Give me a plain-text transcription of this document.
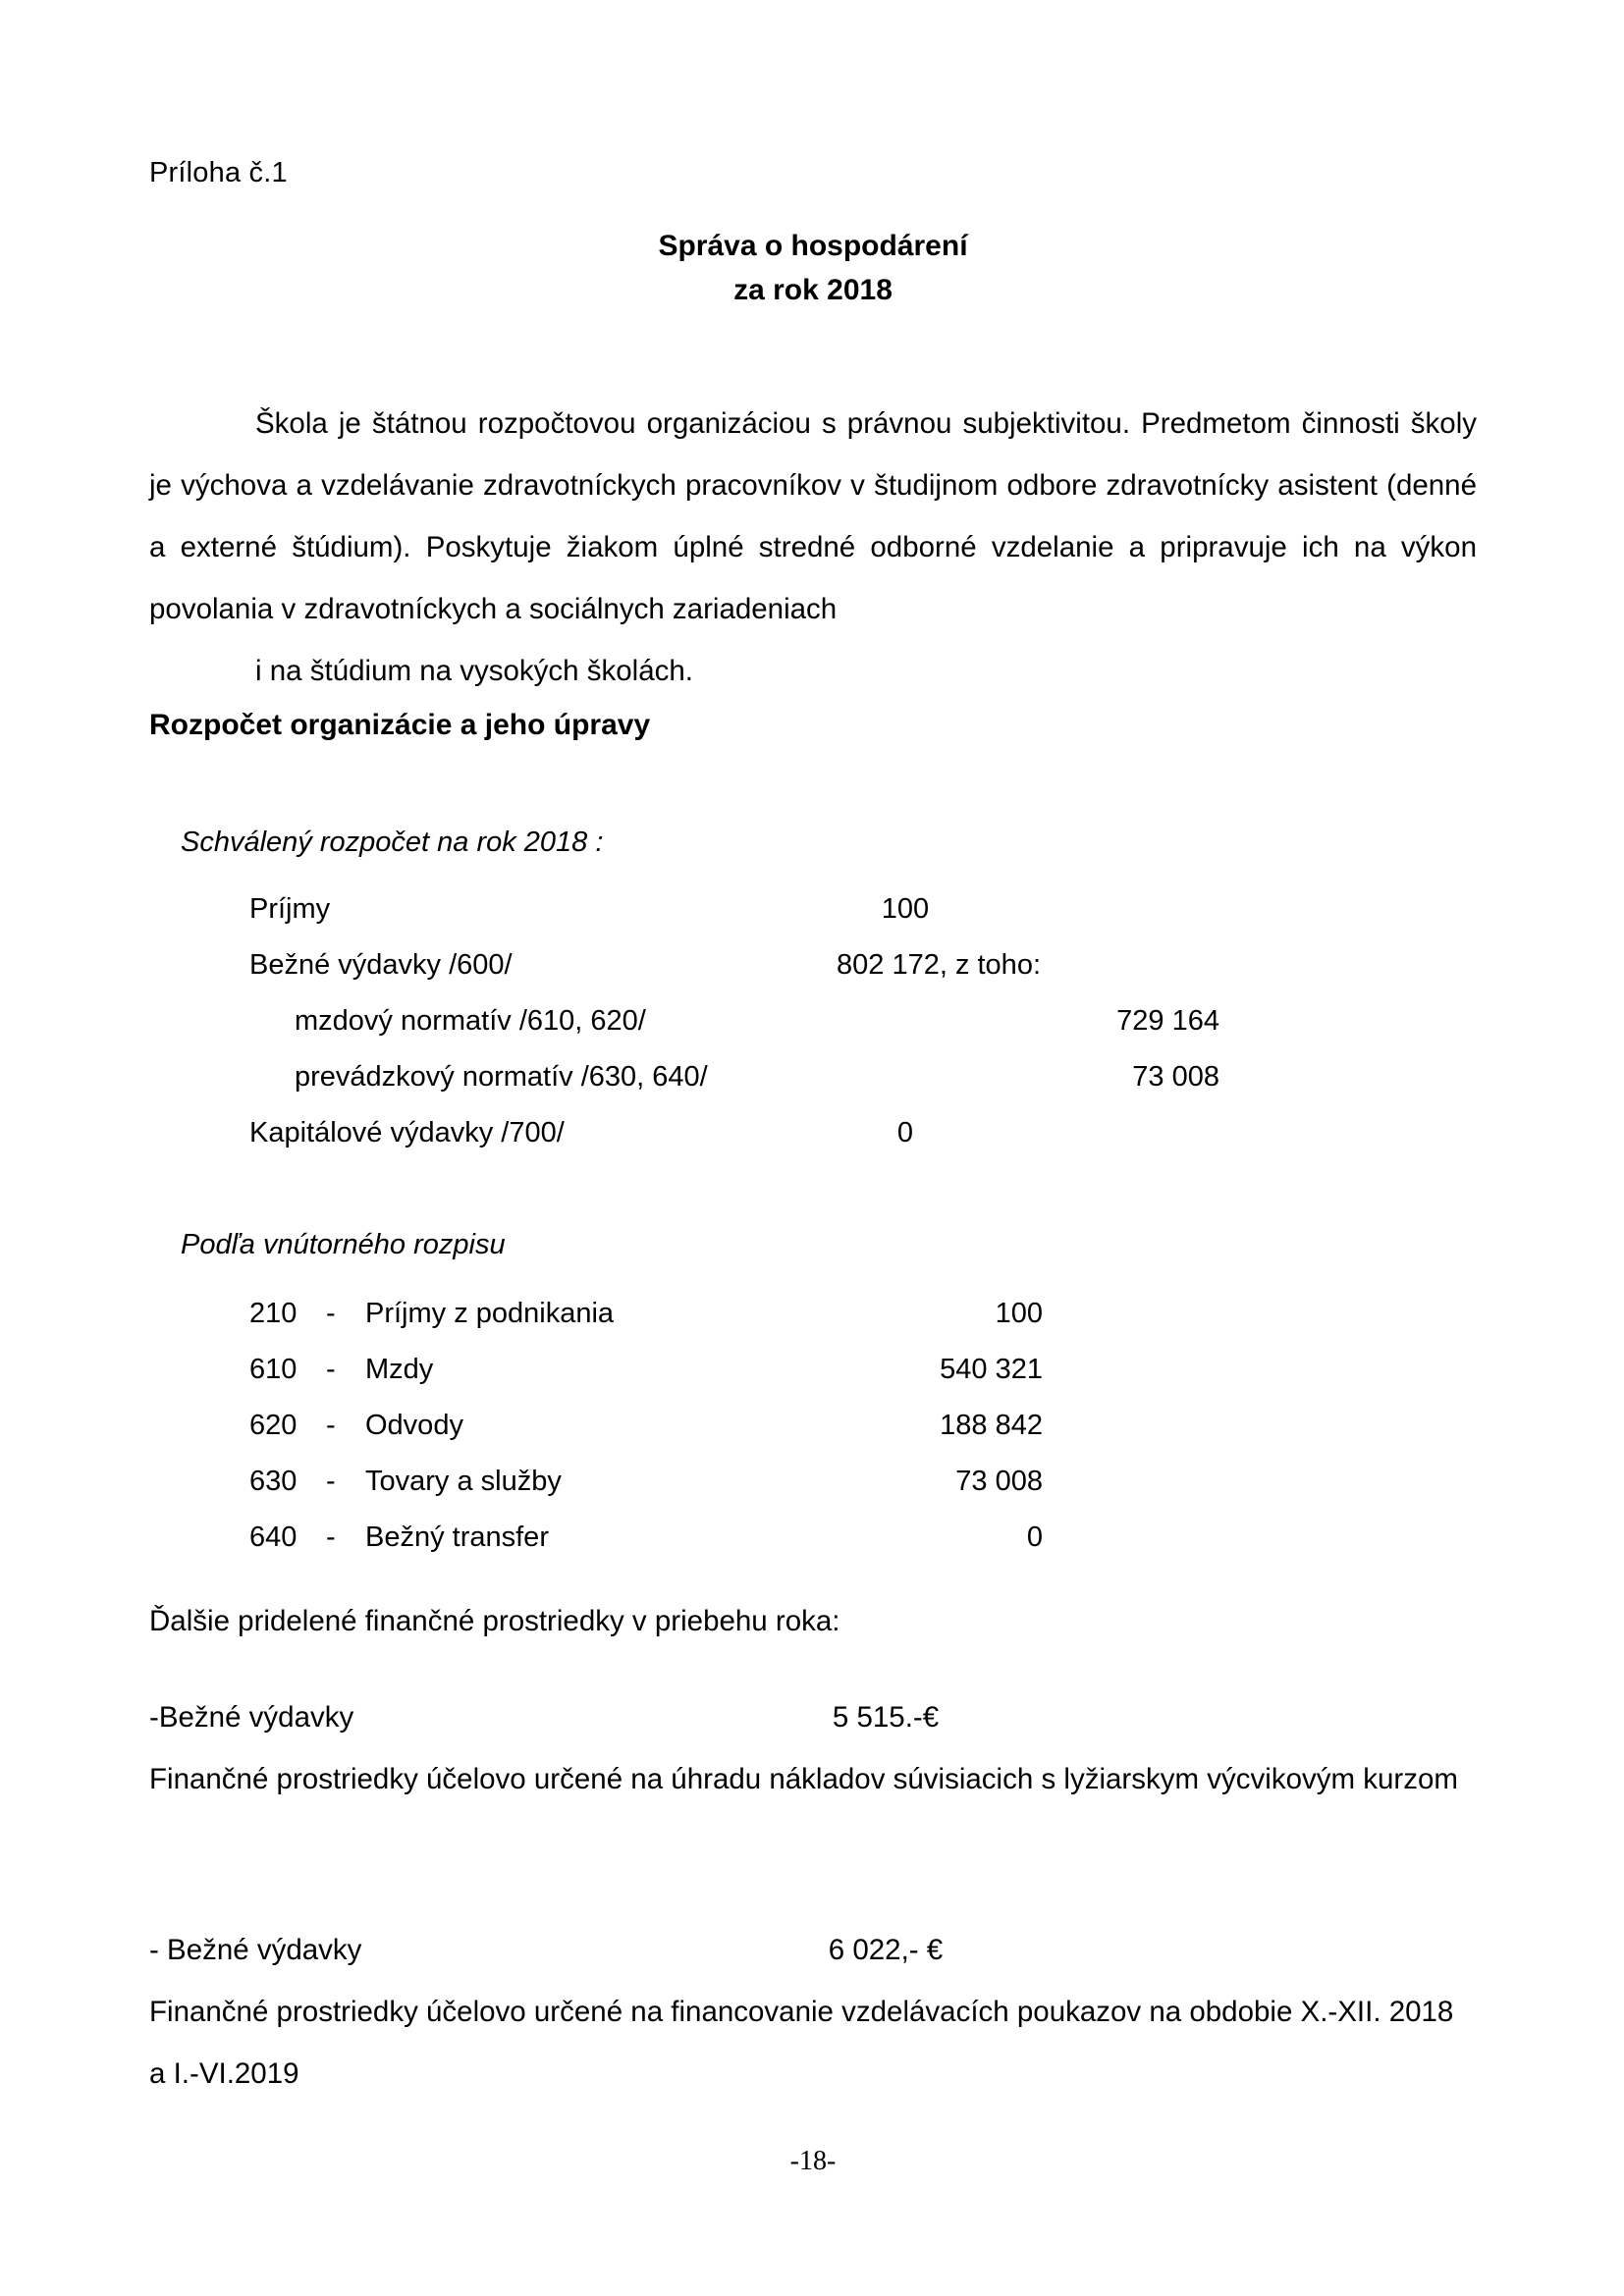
Príloha č.1
Správa o hospodárení
za rok 2018
Škola je štátnou rozpočtovou organizáciou s právnou subjektivitou. Predmetom činnosti školy je výchova a vzdelávanie zdravotníckych pracovníkov v študijnom odbore zdravotnícky asistent (denné a externé štúdium). Poskytuje žiakom úplné stredné odborné vzdelanie a pripravuje ich na výkon povolania v zdravotníckych a sociálnych zariadeniach
i na štúdium na vysokých školách.
Rozpočet organizácie a jeho úpravy
Schválený rozpočet na rok 2018 :
Príjmy	100
Bežné výdavky /600/	802 172, z toho:
mzdový normatív /610, 620/	729 164
prevádzkový normatív /630, 640/	73 008
Kapitálové výdavky /700/	0
Podľa vnútorného rozpisu
210 - Príjmy z podnikania	100
610 - Mzdy	540 321
620 - Odvody	188 842
630 - Tovary a služby	73 008
640 - Bežný transfer	0
Ďalšie pridelené finančné prostriedky v priebehu roka:
-Bežné výdavky	5 515.-€
Finančné prostriedky účelovo určené na úhradu nákladov súvisiacich s lyžiarskym výcvikovým kurzom
- Bežné výdavky	6 022,- €
Finančné prostriedky účelovo určené na financovanie vzdelávacích poukazov na obdobie X.-XII. 2018 a I.-VI.2019
-18-
